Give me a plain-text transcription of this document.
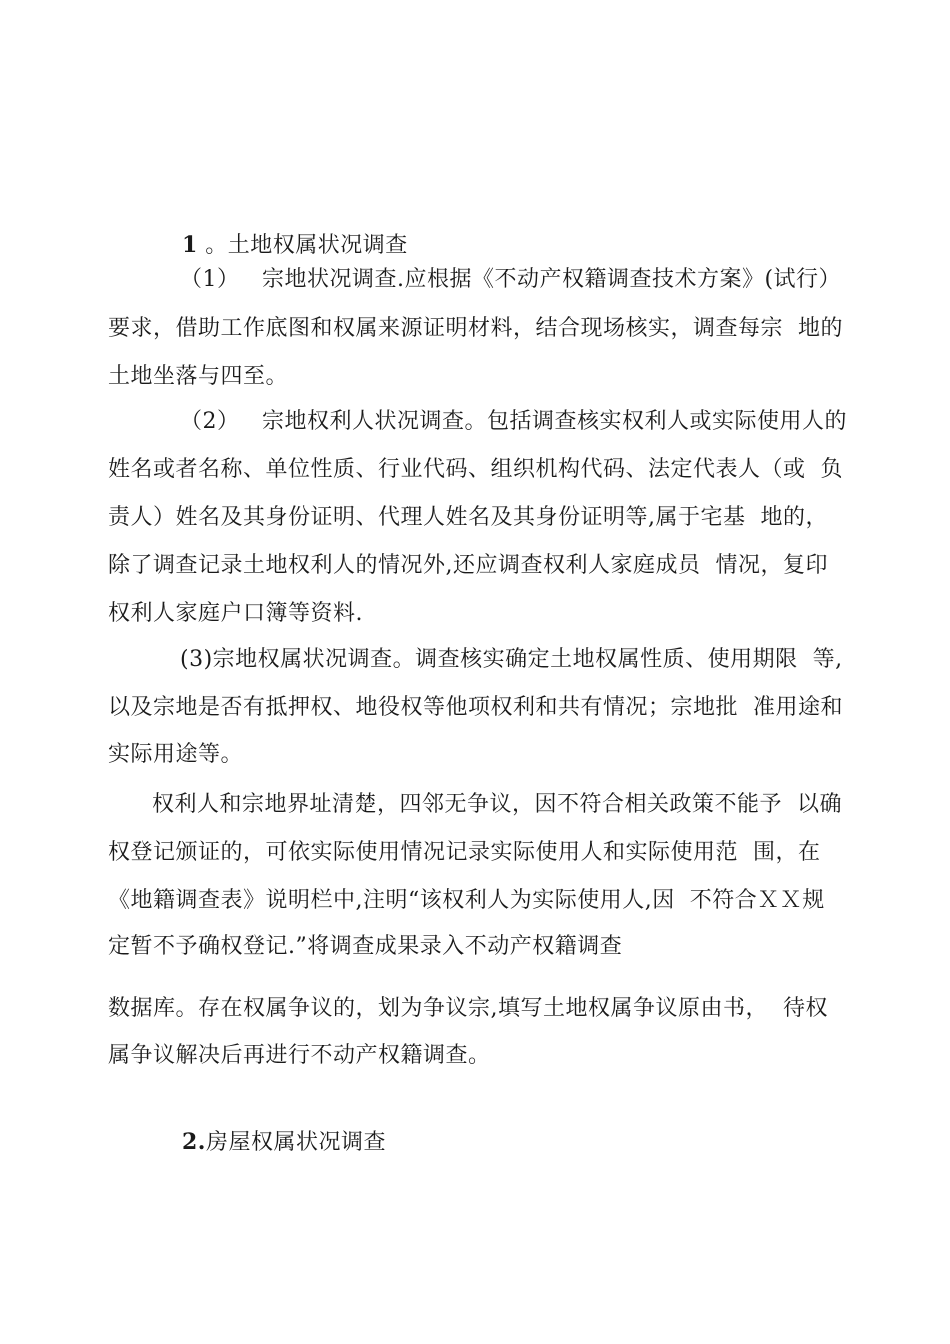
1 。土地权属状况调查

（1）   宗地状况调查.应根据《不动产权籍调查技术方案》(试行）
要求，借助工作底图和权属来源证明材料，结合现场核实，调查每宗  地的
土地坐落与四至。
（2）   宗地权利人状况调查。包括调查核实权利人或实际使用人的
姓名或者名称、单位性质、行业代码、组织机构代码、法定代表人（或  负
责人）姓名及其身份证明、代理人姓名及其身份证明等,属于宅基  地的，
除了调查记录土地权利人的情况外,还应调查权利人家庭成员  情况，复印
权利人家庭户口簿等资料.
(3)宗地权属状况调查。调查核实确定土地权属性质、使用期限  等,
以及宗地是否有抵押权、地役权等他项权利和共有情况；宗地批  准用途和
实际用途等。
权利人和宗地界址清楚，四邻无争议，因不符合相关政策不能予  以确
权登记颁证的，可依实际使用情况记录实际使用人和实际使用范  围，在
《地籍调查表》说明栏中,注明“该权利人为实际使用人,因  不符合ＸＸ规
定暂不予确权登记.”将调查成果录入不动产权籍调查
数据库。存在权属争议的，划为争议宗,填写土地权属争议原由书，  待权
属争议解决后再进行不动产权籍调查。

2.房屋权属状况调查
